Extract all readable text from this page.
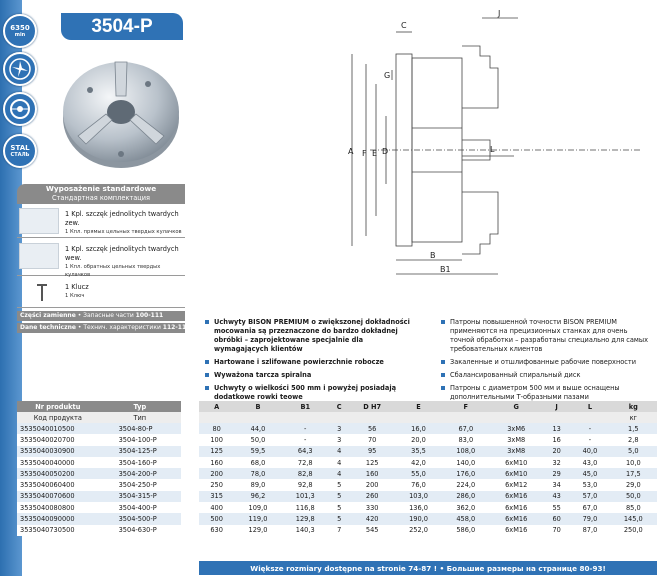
6350
min
STAL
СТАЛЬ
3504-P
Wyposażenie standardowe
Стандартная комплектация
1 Kpl. szczęk jednolitych twardych zew.
1 Кпл. прямых цельных твердых кулачков
1 Kpl. szczęk jednolitych twardych wew.
1 Кпл. обратных цельных твердых кулачков
1 Klucz
1 Ключ
Części zamienne • Запасные части 100-111
Dane techniczne • Технич. характеристики 112-118
A F E D
G
C
J
L
B
B1
Uchwyty BISON PREMIUM o zwiększonej dokładności mocowania są przeznaczone do bardzo dokładnej obróbki – zaprojektowane specjalnie dla wymagających klientów
Hartowane i szlifowane powierzchnie robocze
Wyważona tarcza spiralna
Uchwyty o wielkości 500 mm i powyżej posiadają dodatkowe rowki teowe
Патроны повышенной точности BISON PREMIUM применяются на прецизионных станках для очень точной обработки – разработаны специально для самых требовательных клиентов
Закаленные и отшлифованные рабочие поверхности
Сбалансированный спиральный диск
Патроны с диаметром 500 мм и выше оснащены дополнительными Т-образными пазами
Nr produktu	Typ
Код продукта	Тип
3535040010500	3504-80-P
3535040020700	3504-100-P
3535040030900	3504-125-P
3535040040000	3504-160-P
3535040050200	3504-200-P
3535040060400	3504-250-P
3535040070600	3504-315-P
3535040080800	3504-400-P
3535040090000	3504-500-P
3535040730500	3504-630-P
A	B	B1	C	D H7	E	F	G	J	L	kg
										кг
80	44,0	-	3	56	16,0	67,0	3xM6	13	-	1,5
100	50,0	-	3	70	20,0	83,0	3xM8	16	-	2,8
125	59,5	64,3	4	95	35,5	108,0	3xM8	20	40,0	5,0
160	68,0	72,8	4	125	42,0	140,0	6xM10	32	43,0	10,0
200	78,0	82,8	4	160	55,0	176,0	6xM10	29	45,0	17,5
250	89,0	92,8	5	200	76,0	224,0	6xM12	34	53,0	29,0
315	96,2	101,3	5	260	103,0	286,0	6xM16	43	57,0	50,0
400	109,0	116,8	5	330	136,0	362,0	6xM16	55	67,0	85,0
500	119,0	129,8	5	420	190,0	458,0	6xM16	60	79,0	145,0
630	129,0	140,3	7	545	252,0	586,0	6xM16	70	87,0	250,0
Większe rozmiary dostępne na stronie 74-87 ! • Большие размеры на странице 80-93!
